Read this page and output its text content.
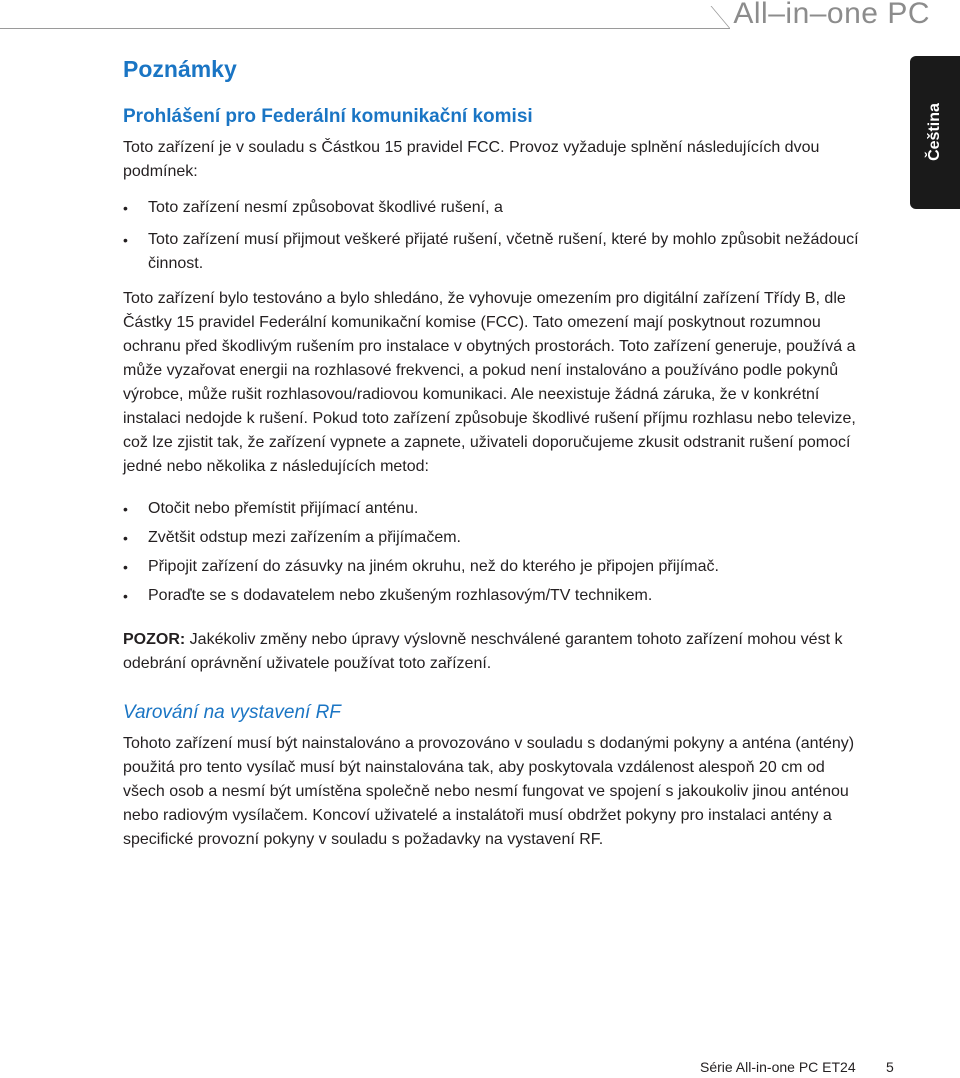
All–in–one PC
Čeština
Poznámky
Prohlášení pro Federální komunikační komisi

Toto zařízení je v souladu s Částkou 15 pravidel FCC. Provoz vyžaduje splnění následujících dvou podmínek:

• Toto zařízení nesmí způsobovat škodlivé rušení, a
• Toto zařízení musí přijmout veškeré přijaté rušení, včetně rušení, které by mohlo způsobit nežádoucí činnost.

Toto zařízení bylo testováno a bylo shledáno, že vyhovuje omezením pro digitální zařízení Třídy B, dle Částky 15 pravidel Federální komunikační komise (FCC). Tato omezení mají poskytnout rozumnou ochranu před škodlivým rušením pro instalace v obytných prostorách. Toto zařízení generuje, používá a může vyzařovat energii na rozhlasové frekvenci, a pokud není instalováno a používáno podle pokynů výrobce, může rušit rozhlasovou/radiovou komunikaci. Ale neexistuje žádná záruka, že v konkrétní instalaci nedojde k rušení. Pokud toto zařízení způsobuje škodlivé rušení příjmu rozhlasu nebo televize, což lze zjistit tak, že zařízení vypnete a zapnete, uživateli doporučujeme zkusit odstranit rušení pomocí jedné nebo několika z následujících metod:

• Otočit nebo přemístit přijímací anténu.
• Zvětšit odstup mezi zařízením a přijímačem.
• Připojit zařízení do zásuvky na jiném okruhu, než do kterého je připojen přijímač.
• Poraďte se s dodavatelem nebo zkušeným rozhlasovým/TV technikem.

POZOR: Jakékoliv změny nebo úpravy výslovně neschválené garantem tohoto zařízení mohou vést k odebrání oprávnění uživatele používat toto zařízení.

Varování na vystavení RF

Tohoto zařízení musí být nainstalováno a provozováno v souladu s dodanými pokyny a anténa (antény) použitá pro tento vysílač musí být nainstalována tak, aby poskytovala vzdálenost alespoň 20 cm od všech osob a nesmí být umístěna společně nebo nesmí fungovat ve spojení s jakoukoliv jinou anténou nebo radiovým vysílačem. Koncoví uživatelé a instalátoři musí obdržet pokyny pro instalaci antény a specifické provozní pokyny v souladu s požadavky na vystavení RF.

Série All-in-one PC ET24 5
